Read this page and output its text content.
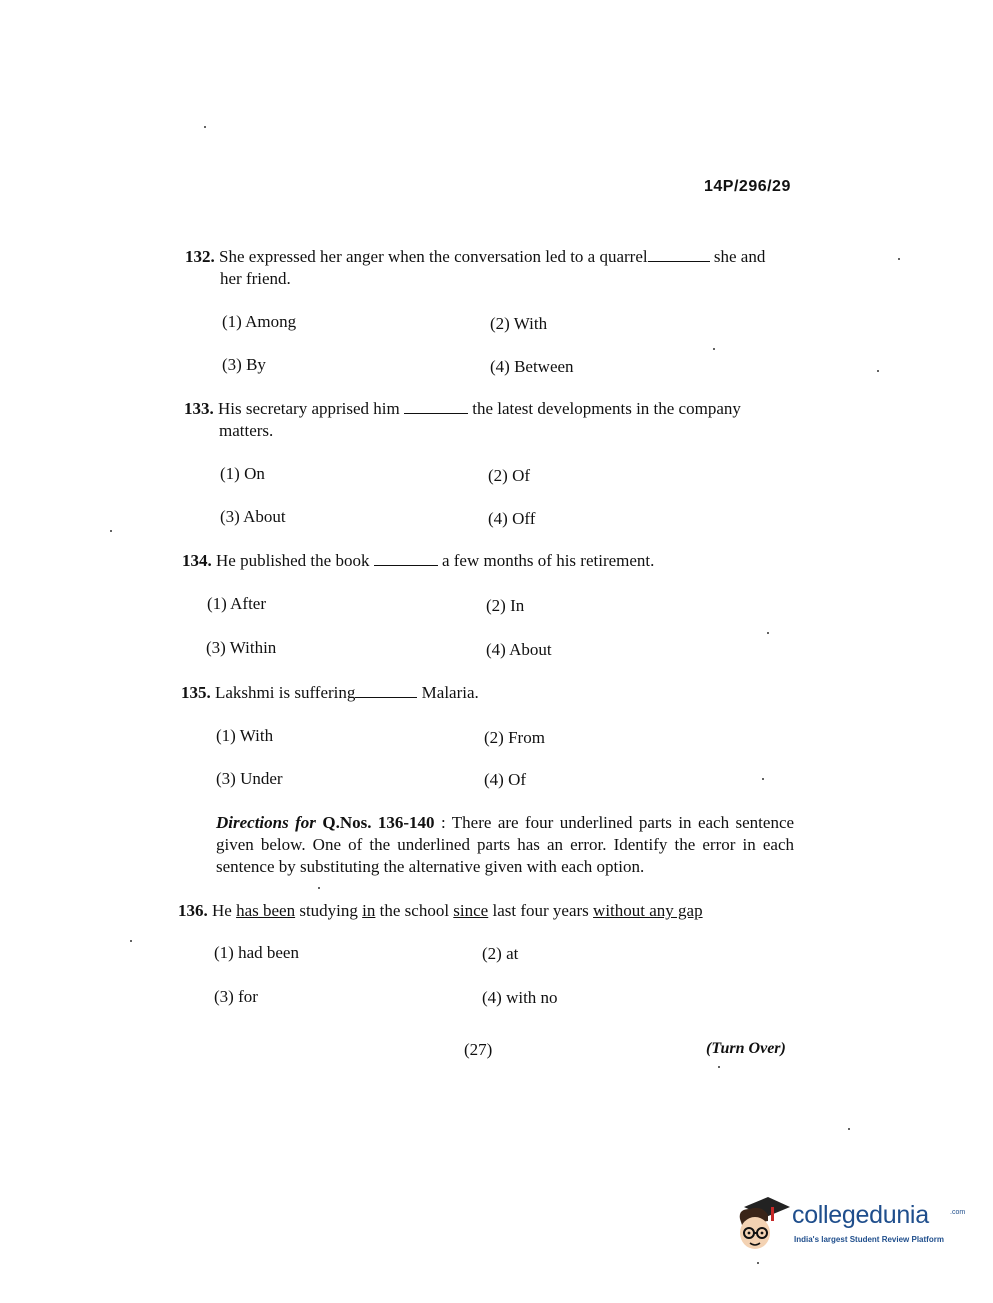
14P/296/29
132. She expressed her anger when the conversation led to a quarrel	she and
her friend.
(1) Among	(2) With
(3) By	(4) Between
133. His secretary apprised him	the latest developments in the company
matters.
(1) On	(2) Of
(3) About	(4) Off
134. He published the book	a few months of his retirement.
(1) After	(2) In
(3) Within	(4) About
135. Lakshmi is suffering	Malaria.
(1) With	(2) From
(3) Under	(4) Of
Directions for Q.Nos. 136-140 : There are four underlined parts in each sentence given below. One of the underlined parts has an error. Identify the error in each sentence by substituting the alternative given with each option.
136. He has been studying in the school since last four years without any gap
(1) had been	(2) at
(3) for	(4) with no
(27)	(Turn Over)
collegedunia	.com
India's largest Student Review Platform
